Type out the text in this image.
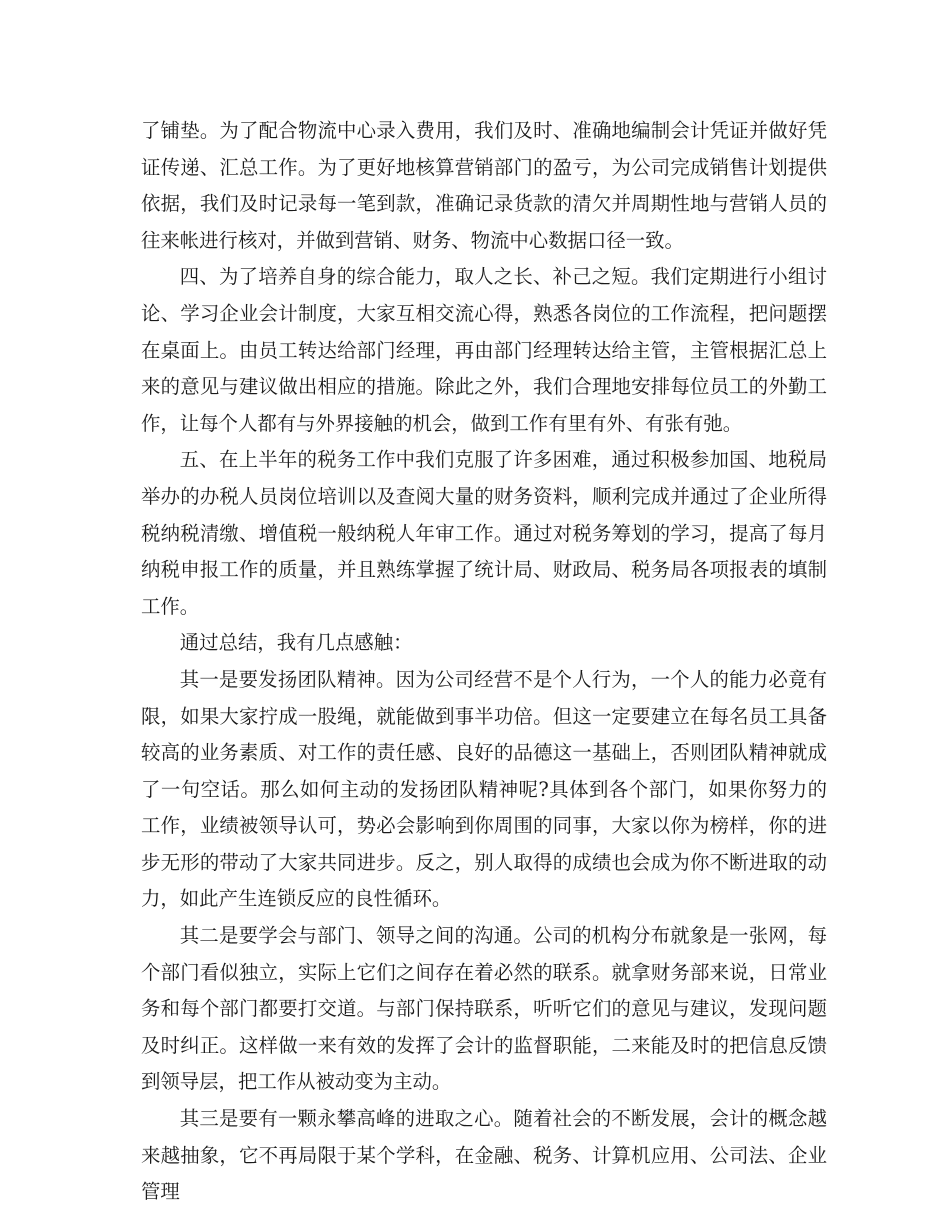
了铺垫。为了配合物流中心录入费用，我们及时、准确地编制会计凭证并做好凭证传递、汇总工作。为了更好地核算营销部门的盈亏，为公司完成销售计划提供依据，我们及时记录每一笔到款，准确记录货款的清欠并周期性地与营销人员的往来帐进行核对，并做到营销、财务、物流中心数据口径一致。

四、为了培养自身的综合能力，取人之长、补己之短。我们定期进行小组讨论、学习企业会计制度，大家互相交流心得，熟悉各岗位的工作流程，把问题摆在桌面上。由员工转达给部门经理，再由部门经理转达给主管，主管根据汇总上来的意见与建议做出相应的措施。除此之外，我们合理地安排每位员工的外勤工作，让每个人都有与外界接触的机会，做到工作有里有外、有张有弛。

五、在上半年的税务工作中我们克服了许多困难，通过积极参加国、地税局举办的办税人员岗位培训以及查阅大量的财务资料，顺利完成并通过了企业所得税纳税清缴、增值税一般纳税人年审工作。通过对税务筹划的学习，提高了每月纳税申报工作的质量，并且熟练掌握了统计局、财政局、税务局各项报表的填制工作。

通过总结，我有几点感触：

其一是要发扬团队精神。因为公司经营不是个人行为，一个人的能力必竟有限，如果大家拧成一股绳，就能做到事半功倍。但这一定要建立在每名员工具备较高的业务素质、对工作的责任感、良好的品德这一基础上，否则团队精神就成了一句空话。那么如何主动的发扬团队精神呢?具体到各个部门，如果你努力的工作，业绩被领导认可，势必会影响到你周围的同事，大家以你为榜样，你的进步无形的带动了大家共同进步。反之，别人取得的成绩也会成为你不断进取的动力，如此产生连锁反应的良性循环。

其二是要学会与部门、领导之间的沟通。公司的机构分布就象是一张网，每个部门看似独立，实际上它们之间存在着必然的联系。就拿财务部来说，日常业务和每个部门都要打交道。与部门保持联系，听听它们的意见与建议，发现问题及时纠正。这样做一来有效的发挥了会计的监督职能，二来能及时的把信息反馈到领导层，把工作从被动变为主动。

其三是要有一颗永攀高峰的进取之心。随着社会的不断发展，会计的概念越来越抽象，它不再局限于某个学科，在金融、税务、计算机应用、公司法、企业管理
